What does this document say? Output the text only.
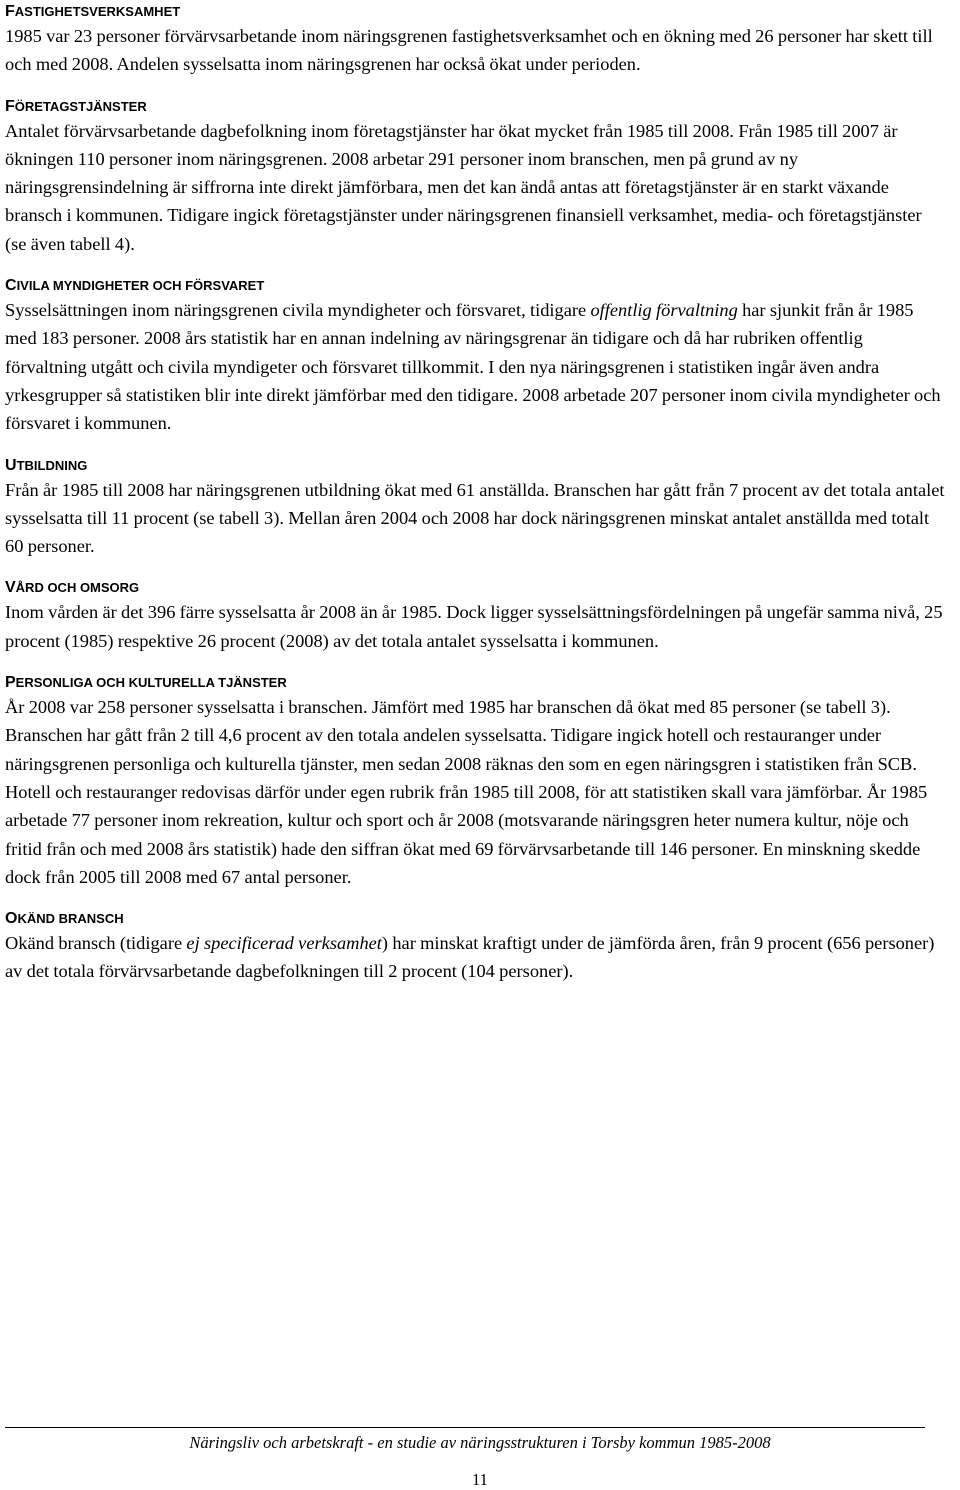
FASTIGHETSVERKSAMHET

1985 var 23 personer förvärvsarbetande inom näringsgrenen fastighetsverksamhet och en ökning med 26 personer har skett till och med 2008. Andelen sysselsatta inom näringsgrenen har också ökat under perioden.

FÖRETAGSTJÄNSTER

Antalet förvärvsarbetande dagbefolkning inom företagstjänster har ökat mycket från 1985 till 2008. Från 1985 till 2007 är ökningen 110 personer inom näringsgrenen. 2008 arbetar 291 personer inom branschen, men på grund av ny näringsgrensindelning är siffrorna inte direkt jämförbara, men det kan ändå antas att företagstjänster är en starkt växande bransch i kommunen. Tidigare ingick företagstjänster under näringsgrenen finansiell verksamhet, media- och företagstjänster (se även tabell 4).

CIVILA MYNDIGHETER OCH FÖRSVARET

Sysselsättningen inom näringsgrenen civila myndigheter och försvaret, tidigare offentlig förvaltning har sjunkit från år 1985 med 183 personer. 2008 års statistik har en annan indelning av näringsgrenar än tidigare och då har rubriken offentlig förvaltning utgått och civila myndigeter och försvaret tillkommit. I den nya näringsgrenen i statistiken ingår även andra yrkesgrupper så statistiken blir inte direkt jämförbar med den tidigare. 2008 arbetade 207 personer inom civila myndigheter och försvaret i kommunen.

UTBILDNING

Från år 1985 till 2008 har näringsgrenen utbildning ökat med 61 anställda. Branschen har gått från 7 procent av det totala antalet sysselsatta till 11 procent (se tabell 3). Mellan åren 2004 och 2008 har dock näringsgrenen minskat antalet anställda med totalt 60 personer.

VÅRD OCH OMSORG

Inom vården är det 396 färre sysselsatta år 2008 än år 1985. Dock ligger sysselsättningsfördelningen på ungefär samma nivå, 25 procent (1985) respektive 26 procent (2008) av det totala antalet sysselsatta i kommunen.

PERSONLIGA OCH KULTURELLA TJÄNSTER

År 2008 var 258 personer sysselsatta i branschen. Jämfört med 1985 har branschen då ökat med 85 personer (se tabell 3). Branschen har gått från 2 till 4,6 procent av den totala andelen sysselsatta. Tidigare ingick hotell och restauranger under näringsgrenen personliga och kulturella tjänster, men sedan 2008 räknas den som en egen näringsgren i statistiken från SCB. Hotell och restauranger redovisas därför under egen rubrik från 1985 till 2008, för att statistiken skall vara jämförbar. År 1985 arbetade 77 personer inom rekreation, kultur och sport och år 2008 (motsvarande näringsgren heter numera kultur, nöje och fritid från och med 2008 års statistik) hade den siffran ökat med 69 förvärvsarbetande till 146 personer. En minskning skedde dock från 2005 till 2008 med 67 antal personer.

OKÄND BRANSCH

Okänd bransch (tidigare ej specificerad verksamhet) har minskat kraftigt under de jämförda åren, från 9 procent (656 personer) av det totala förvärvsarbetande dagbefolkningen till 2 procent (104 personer).

Näringsliv och arbetskraft - en studie av näringsstrukturen i Torsby kommun 1985-2008
11
